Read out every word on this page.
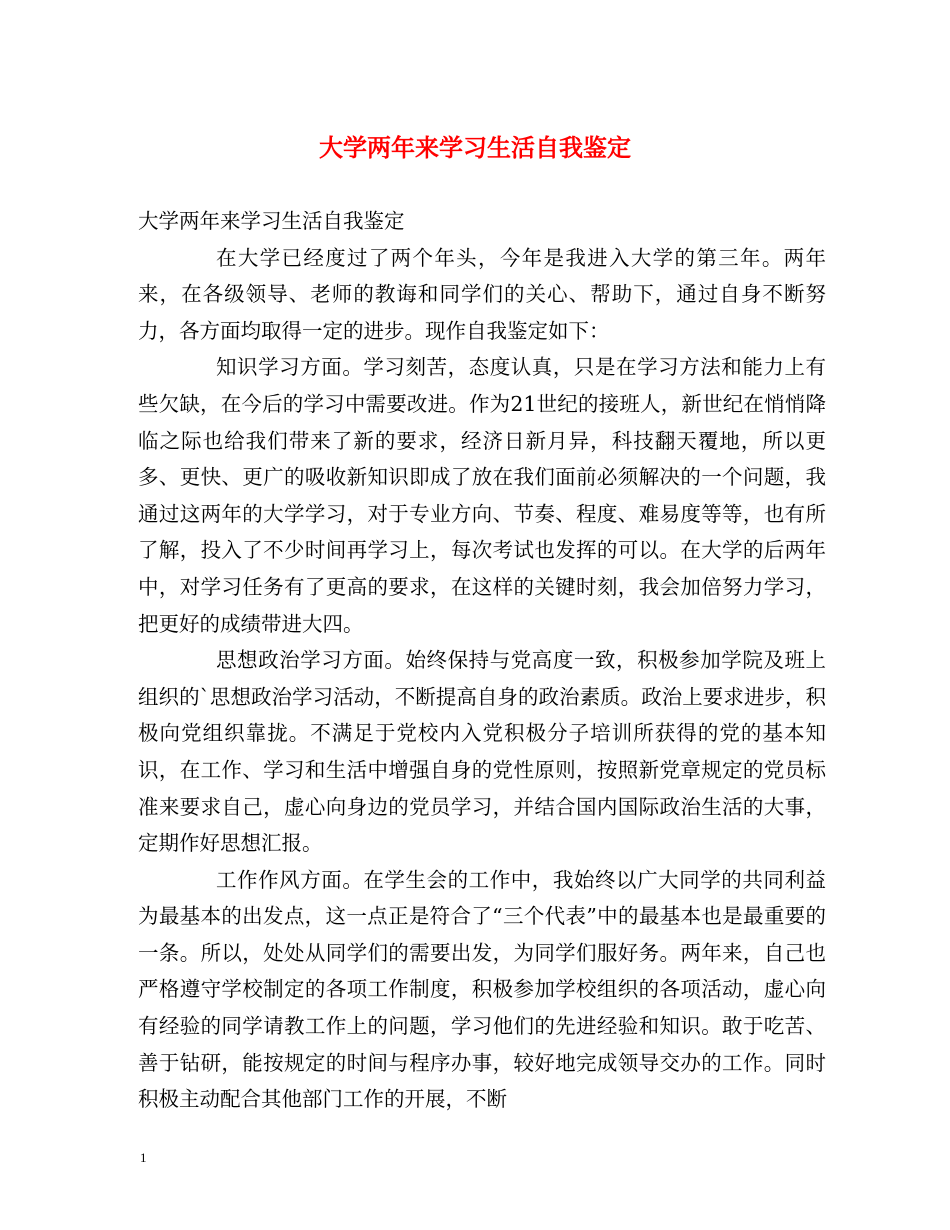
大学两年来学习生活自我鉴定

大学两年来学习生活自我鉴定

在大学已经度过了两个年头，今年是我进入大学的第三年。两年来，在各级领导、老师的教诲和同学们的关心、帮助下，通过自身不断努力，各方面均取得一定的进步。现作自我鉴定如下：

知识学习方面。学习刻苦，态度认真，只是在学习方法和能力上有些欠缺，在今后的学习中需要改进。作为21世纪的接班人，新世纪在悄悄降临之际也给我们带来了新的要求，经济日新月异，科技翻天覆地，所以更多、更快、更广的吸收新知识即成了放在我们面前必须解决的一个问题，我通过这两年的大学学习，对于专业方向、节奏、程度、难易度等等，也有所了解，投入了不少时间再学习上，每次考试也发挥的可以。在大学的后两年中，对学习任务有了更高的要求，在这样的关键时刻，我会加倍努力学习，把更好的成绩带进大四。

思想政治学习方面。始终保持与党高度一致，积极参加学院及班上组织的`思想政治学习活动，不断提高自身的政治素质。政治上要求进步，积极向党组织靠拢。不满足于党校内入党积极分子培训所获得的党的基本知识，在工作、学习和生活中增强自身的党性原则，按照新党章规定的党员标准来要求自己，虚心向身边的党员学习，并结合国内国际政治生活的大事，定期作好思想汇报。

工作作风方面。在学生会的工作中，我始终以广大同学的共同利益为最基本的出发点，这一点正是符合了“三个代表”中的最基本也是最重要的一条。所以，处处从同学们的需要出发，为同学们服好务。两年来，自己也严格遵守学校制定的各项工作制度，积极参加学校组织的各项活动，虚心向有经验的同学请教工作上的问题，学习他们的先进经验和知识。敢于吃苦、善于钻研，能按规定的时间与程序办事，较好地完成领导交办的工作。同时积极主动配合其他部门工作的开展，不断

1
